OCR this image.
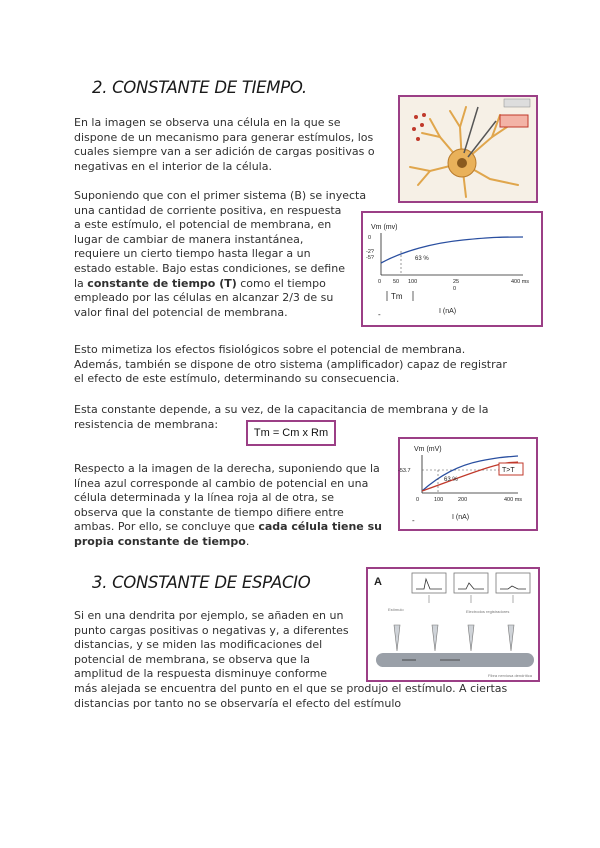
2. CONSTANTE DE TIEMPO.
En la imagen se observa una célula en la que se
dispone de un mecanismo para generar estímulos, los
cuales siempre van a ser adición de cargas positivas o
negativas en el interior de la célula.
Suponiendo que con el primer sistema (B) se inyecta
una cantidad de corriente positiva, en respuesta
a este estímulo, el potencial de membrana, en
lugar de cambiar de manera instantánea,
requiere un cierto tiempo hasta llegar a un
estado estable. Bajo estas condiciones, se define
la constante de tiempo (T) como el tiempo
empleado por las células en alcanzar 2/3 de su
valor final del potencial de membrana.
Esto mimetiza los efectos fisiológicos sobre el potencial de membrana.
Además, también se dispone de otro sistema (amplificador) capaz de registrar
el efecto de este estímulo, determinando su consecuencia.
Esta constante depende, a su vez, de la capacitancia de membrana y de la
resistencia de membrana:
Tm = Cm x Rm
Respecto a la imagen de la derecha, suponiendo que la
línea azul corresponde al cambio de potencial en una
célula determinada y la línea roja al de otra, se
observa que la constante de tiempo difiere entre
ambas. Por ello, se concluye que cada célula tiene su
propia constante de tiempo.
Vm (mv)
0
-2?
-5?	63 %
0 50 100	25	400 ms
0
Tm
I (nA)
-
Vm (mV)
-53.7
63 %
T>T
0	100	200	400 ms
I (nA)
-
3. CONSTANTE DE ESPACIO	A
Estímulo	Electrodos registradores
Fibra nerviosa dendrítica
Si en una dendrita por ejemplo, se añaden en un
punto cargas positivas o negativas y, a diferentes
distancias, y se miden las modificaciones del
potencial de membrana, se observa que la
amplitud de la respuesta disminuye conforme
más alejada se encuentra del punto en el que se produjo el estímulo. A ciertas
distancias por tanto no se observaría el efecto del estímulo
